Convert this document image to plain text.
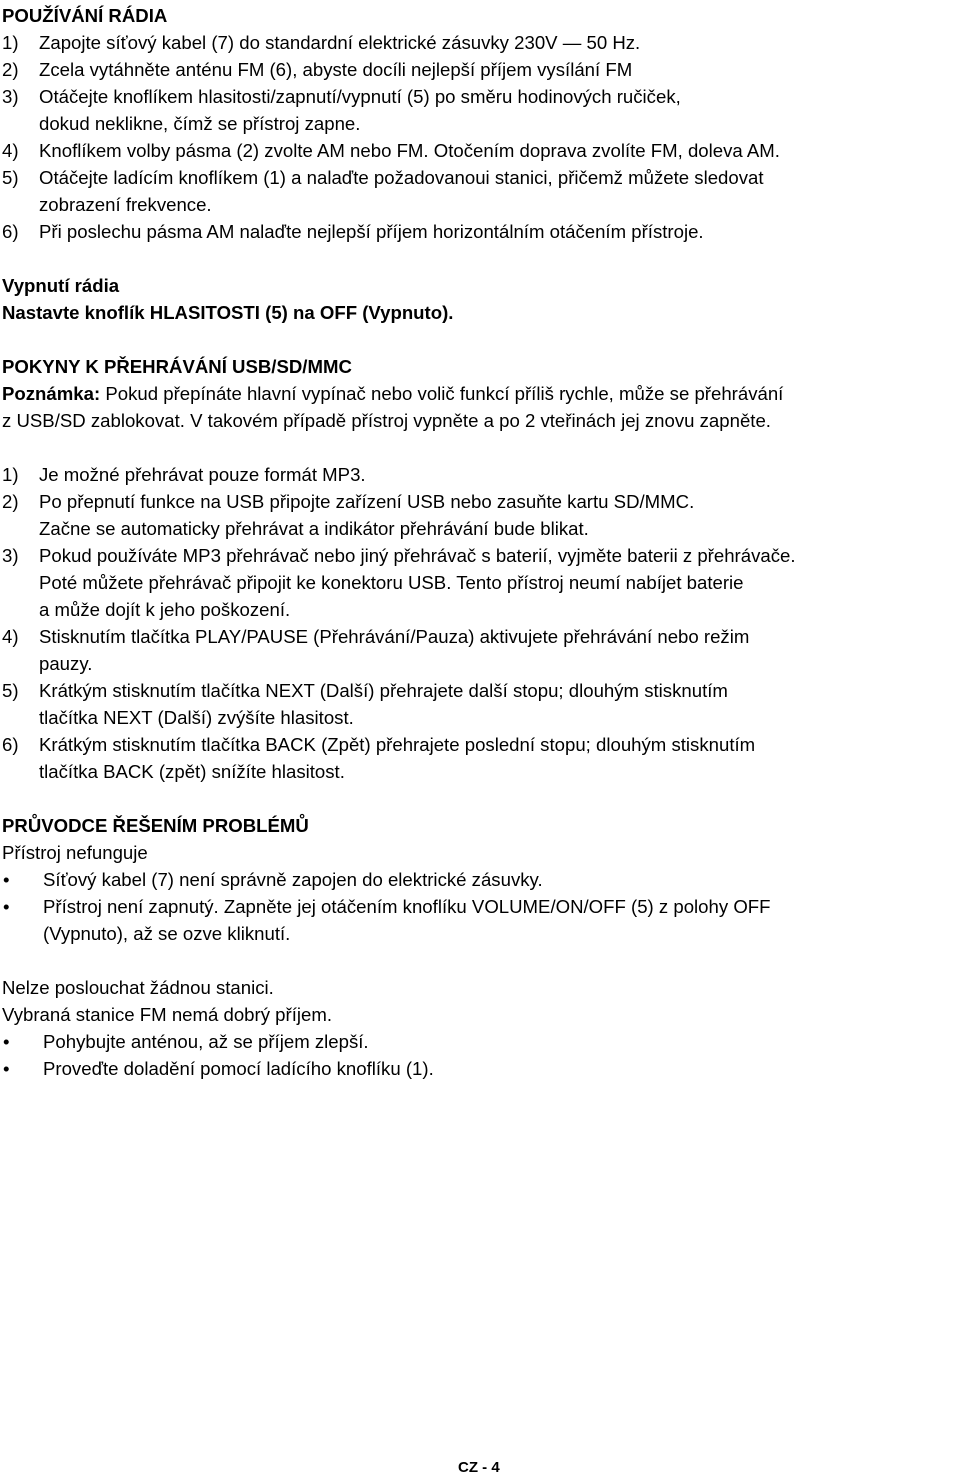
POUŽÍVÁNÍ RÁDIA

1)	Zapojte síťový kabel (7) do standardní elektrické zásuvky 230V — 50 Hz.
2)	Zcela vytáhněte anténu FM (6), abyste docíli nejlepší příjem vysílání FM
3)	Otáčejte knoflíkem hlasitosti/zapnutí/vypnutí (5) po směru hodinových ručiček,
dokud neklikne, čímž se přístroj zapne.
4)	Knoflíkem volby pásma (2) zvolte AM nebo FM. Otočením doprava zvolíte FM, doleva AM.
5)	Otáčejte ladícím knoflíkem (1) a nalaďte požadovanoui stanici, přičemž můžete sledovat
zobrazení frekvence.
6)	Při poslechu pásma AM nalaďte nejlepší příjem horizontálním otáčením přístroje.

Vypnutí rádia

Nastavte knoflík HLASITOSTI (5) na OFF (Vypnuto).

POKYNY K PŘEHRÁVÁNÍ USB/SD/MMC

Poznámka: Pokud přepínáte hlavní vypínač nebo volič funkcí příliš rychle, může se přehrávání

z USB/SD zablokovat. V takovém případě přístroj vypněte a po 2 vteřinách jej znovu zapněte.

1)	Je možné přehrávat pouze formát MP3.
2)	Po přepnutí funkce na USB připojte zařízení USB nebo zasuňte kartu SD/MMC.
Začne se automaticky přehrávat a indikátor přehrávání bude blikat.
3)	Pokud používáte MP3 přehrávač nebo jiný přehrávač s baterií, vyjměte baterii z přehrávače.
Poté můžete přehrávač připojit ke konektoru USB. Tento přístroj neumí nabíjet baterie
a může dojít k jeho poškození.
4)	Stisknutím tlačítka PLAY/PAUSE (Přehrávání/Pauza) aktivujete přehrávání nebo režim
pauzy.
5)	Krátkým stisknutím tlačítka NEXT (Další) přehrajete další stopu; dlouhým stisknutím
tlačítka NEXT (Další) zvýšíte hlasitost.
6)	Krátkým stisknutím tlačítka BACK (Zpět) přehrajete poslední stopu; dlouhým stisknutím
tlačítka BACK (zpět) snížíte hlasitost.

PRŮVODCE ŘEŠENÍM PROBLÉMŮ

Přístroj nefunguje

•	Síťový kabel (7) není správně zapojen do elektrické zásuvky.
•	Přístroj není zapnutý. Zapněte jej otáčením knoflíku VOLUME/ON/OFF (5) z polohy OFF
(Vypnuto), až se ozve kliknutí.

Nelze poslouchat žádnou stanici.

Vybraná stanice FM nemá dobrý příjem.

•	Pohybujte anténou, až se příjem zlepší.
•	Proveďte doladění pomocí ladícího knoflíku (1).
CZ - 4
